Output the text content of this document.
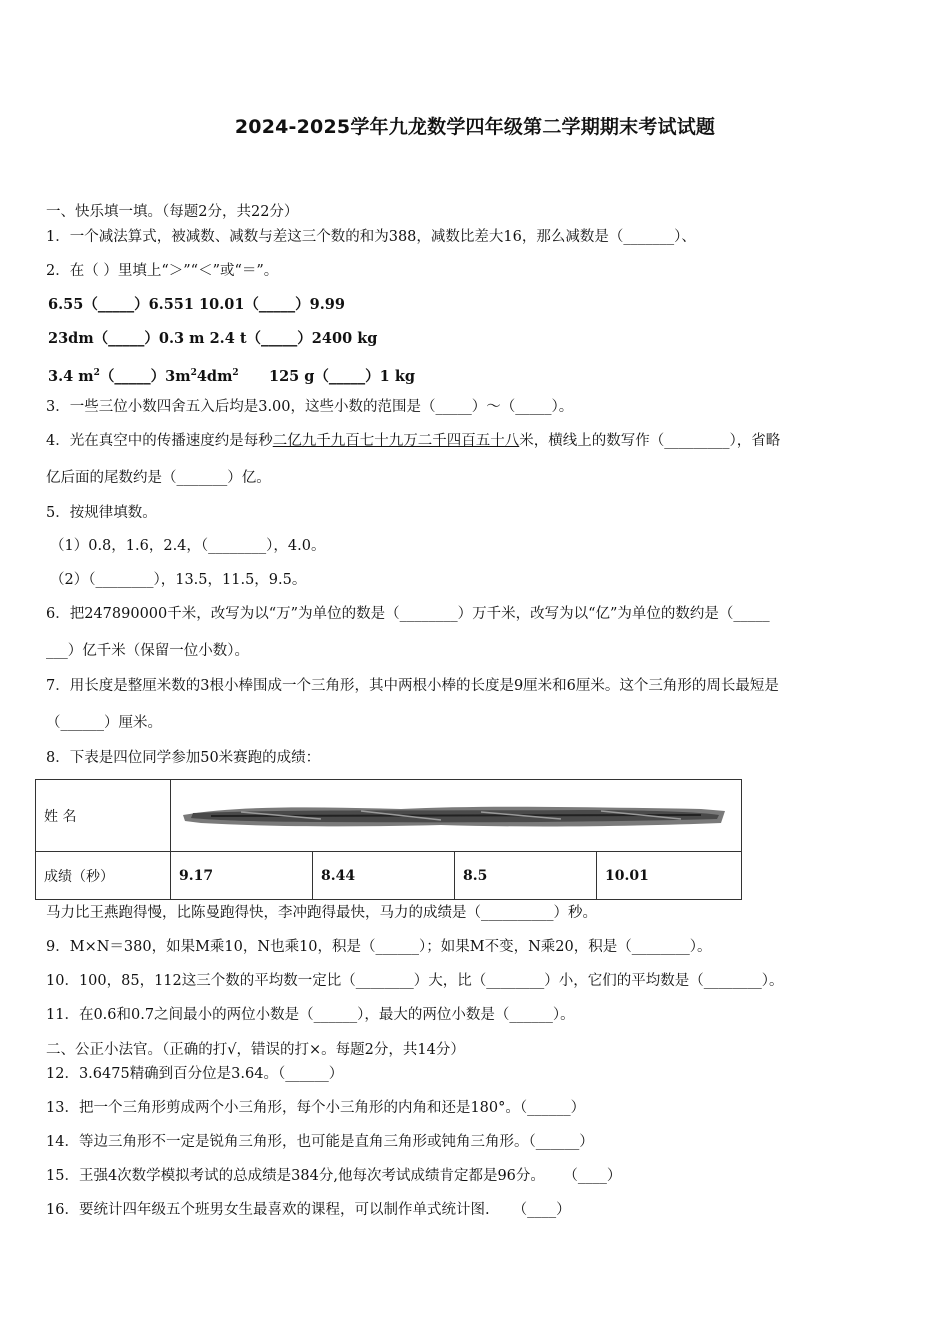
2024-2025学年九龙数学四年级第二学期期末考试试题
一、快乐填一填。（每题2分，共22分）
1．一个减法算式，被减数、减数与差这三个数的和为388，减数比差大16，那么减数是（_______）、
2．在（ ）里填上“＞”“＜”或“＝”。
6.55（_____）6.551 10.01（_____）9.99
23dm（_____）0.3 m 2.4 t（_____）2400 kg
3.4 $m^2(\_\_\_\_\_)3m^24dm^2$      125 g（_____）1 kg
3．一些三位小数四舍五入后均是3.00，这些小数的范围是（_____）～（_____）。
4．光在真空中的传播速度约是每秒二亿九千九百七十九万二千四百五十八米，横线上的数写作（_________），省略
亿后面的尾数约是（_______）亿。
5．按规律填数。
（1）0.8，1.6，2.4，（________），4.0。
（2）（________），13.5，11.5，9.5。
6．把247890000千米，改写为以“万”为单位的数是（________）万千米，改写为以“亿”为单位的数约是（_____
___）亿千米（保留一位小数）。
7．用长度是整厘米数的3根小棒围成一个三角形，其中两根小棒的长度是9厘米和6厘米。这个三角形的周长最短是
（______）厘米。
8．下表是四位同学参加50米赛跑的成绩：
姓 名	

成绩（秒）	9.17	8.44	8.5	10.01
马力比王燕跑得慢，比陈曼跑得快，李冲跑得最快，马力的成绩是（__________）秒。
9．M×N＝380，如果M乘10，N也乘10，积是（______）；如果M不变，N乘20，积是（________）。
10．100，85，112这三个数的平均数一定比（________）大，比（________）小，它们的平均数是（________）。
11．在0.6和0.7之间最小的两位小数是（______），最大的两位小数是（______）。
二、公正小法官。（正确的打√，错误的打×。每题2分，共14分）
12．3.6475精确到百分位是3.64。（______）
13．把一个三角形剪成两个小三角形，每个小三角形的内角和还是180°。（______）
14．等边三角形不一定是锐角三角形，也可能是直角三角形或钝角三角形。（______）
15．王强4次数学模拟考试的总成绩是384分,他每次考试成绩肯定都是96分。    （____）
16．要统计四年级五个班男女生最喜欢的课程，可以制作单式统计图.     （____）
